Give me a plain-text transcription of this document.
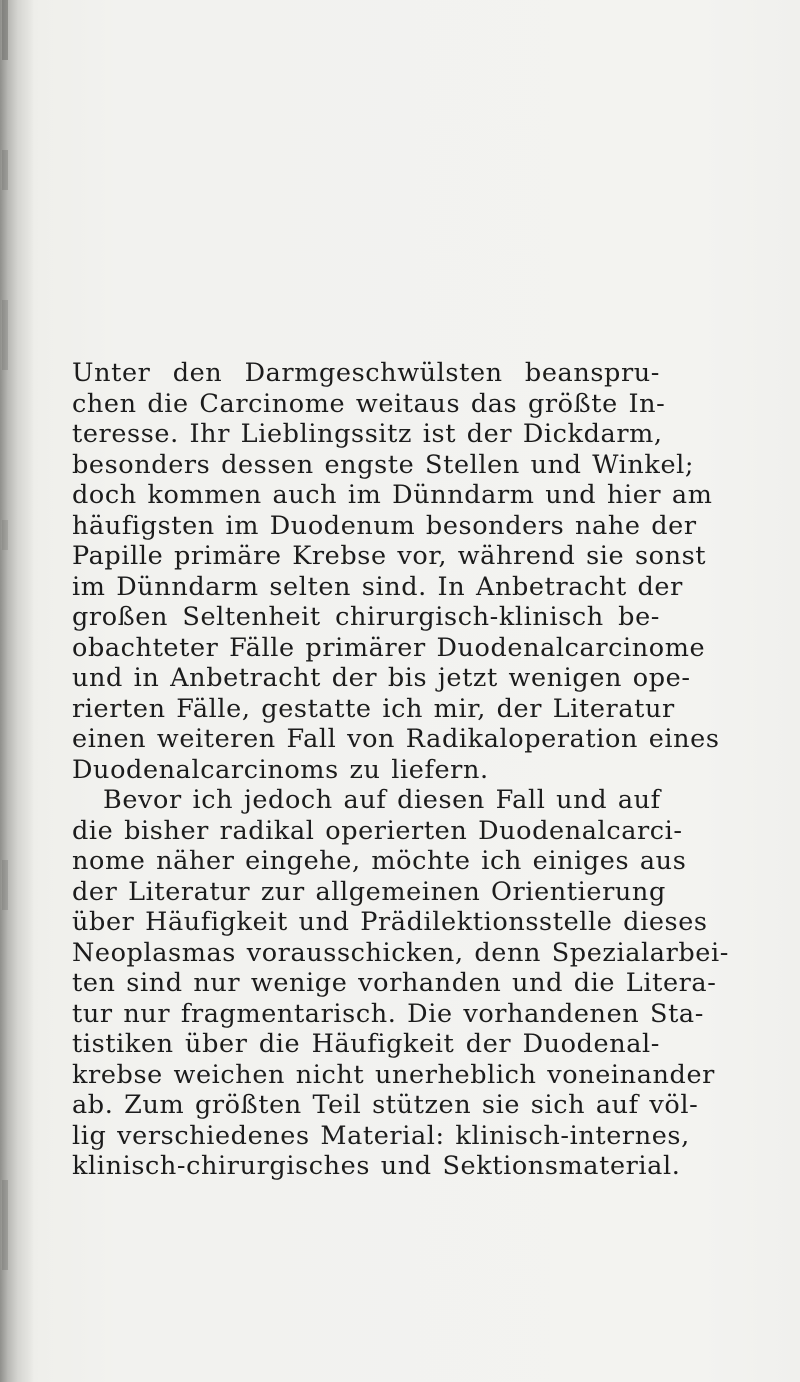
Unter den Darmgeschwülsten beanspru-
chen die Carcinome weitaus das größte In-
teresse. Ihr Lieblingssitz ist der Dickdarm,
besonders dessen engste Stellen und Winkel;
doch kommen auch im Dünndarm und hier am
häufigsten im Duodenum besonders nahe der
Papille primäre Krebse vor, während sie sonst
im Dünndarm selten sind. In Anbetracht der
großen Seltenheit chirurgisch-klinisch be-
obachteter Fälle primärer Duodenalcarcinome
und in Anbetracht der bis jetzt wenigen ope-
rierten Fälle, gestatte ich mir, der Literatur
einen weiteren Fall von Radikaloperation eines
Duodenalcarcinoms zu liefern.
Bevor ich jedoch auf diesen Fall und auf
die bisher radikal operierten Duodenalcarci-
nome näher eingehe, möchte ich einiges aus
der Literatur zur allgemeinen Orientierung
über Häufigkeit und Prädilektionsstelle dieses
Neoplasmas vorausschicken, denn Spezialarbei-
ten sind nur wenige vorhanden und die Litera-
tur nur fragmentarisch. Die vorhandenen Sta-
tistiken über die Häufigkeit der Duodenal-
krebse weichen nicht unerheblich voneinander
ab. Zum größten Teil stützen sie sich auf völ-
lig verschiedenes Material: klinisch-internes,
klinisch-chirurgisches und Sektionsmaterial.
